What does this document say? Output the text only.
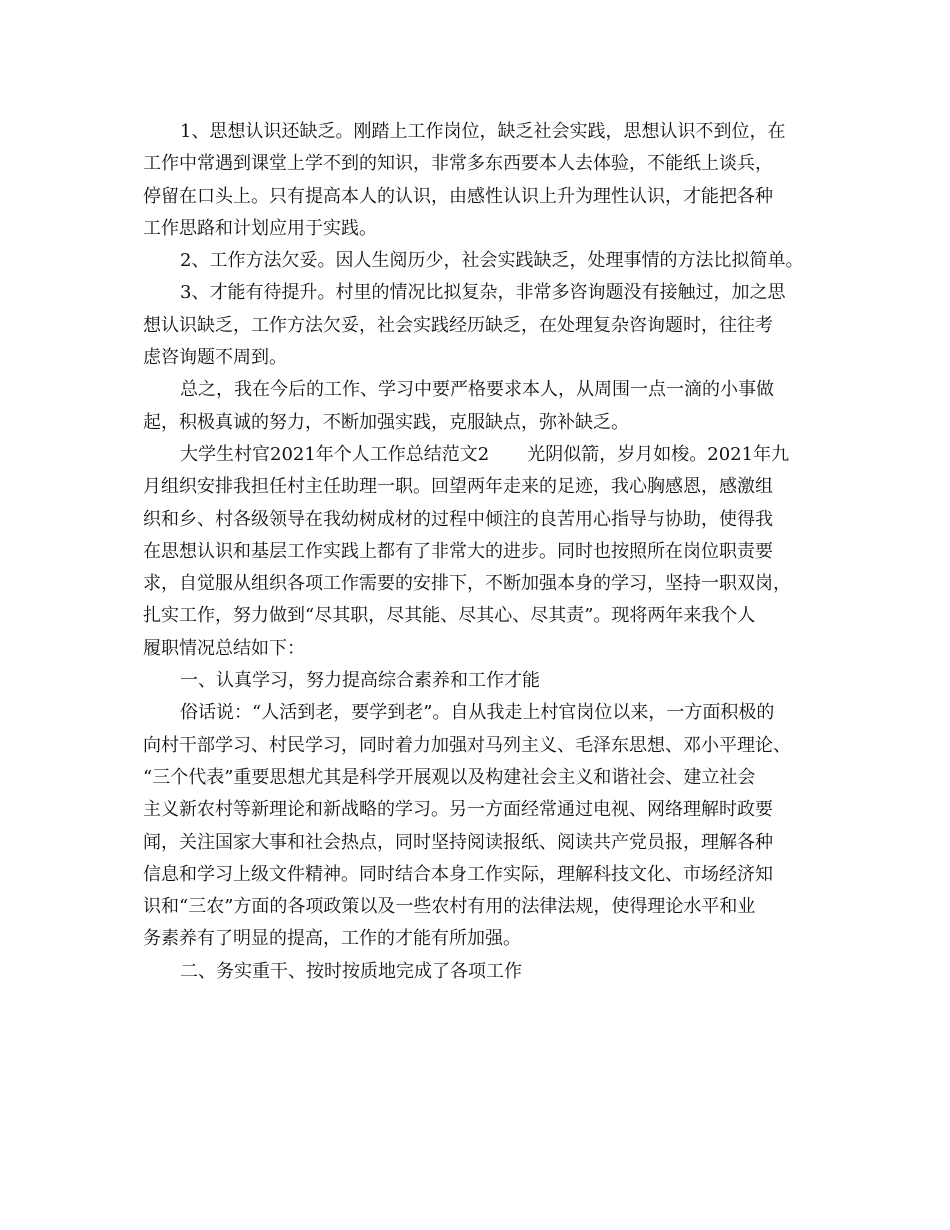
1、思想认识还缺乏。刚踏上工作岗位，缺乏社会实践，思想认识不到位，在
工作中常遇到课堂上学不到的知识，非常多东西要本人去体验，不能纸上谈兵，
停留在口头上。只有提高本人的认识，由感性认识上升为理性认识，才能把各种
工作思路和计划应用于实践。
2、工作方法欠妥。因人生阅历少，社会实践缺乏，处理事情的方法比拟简单。
3、才能有待提升。村里的情况比拟复杂，非常多咨询题没有接触过，加之思
想认识缺乏，工作方法欠妥，社会实践经历缺乏，在处理复杂咨询题时，往往考
虑咨询题不周到。
总之，我在今后的工作、学习中要严格要求本人，从周围一点一滴的小事做
起，积极真诚的努力，不断加强实践，克服缺点，弥补缺乏。
大学生村官2021年个人工作总结范文2 光阴似箭，岁月如梭。2021年九
月组织安排我担任村主任助理一职。回望两年走来的足迹，我心胸感恩，感激组
织和乡、村各级领导在我幼树成材的过程中倾注的良苦用心指导与协助，使得我
在思想认识和基层工作实践上都有了非常大的进步。同时也按照所在岗位职责要
求，自觉服从组织各项工作需要的安排下，不断加强本身的学习，坚持一职双岗，
扎实工作，努力做到“尽其职，尽其能、尽其心、尽其责”。现将两年来我个人
履职情况总结如下：
一、认真学习，努力提高综合素养和工作才能
俗话说：“人活到老，要学到老”。自从我走上村官岗位以来，一方面积极的
向村干部学习、村民学习，同时着力加强对马列主义、毛泽东思想、邓小平理论、
“三个代表”重要思想尤其是科学开展观以及构建社会主义和谐社会、建立社会
主义新农村等新理论和新战略的学习。另一方面经常通过电视、网络理解时政要
闻，关注国家大事和社会热点，同时坚持阅读报纸、阅读共产党员报，理解各种
信息和学习上级文件精神。同时结合本身工作实际，理解科技文化、市场经济知
识和“三农”方面的各项政策以及一些农村有用的法律法规，使得理论水平和业
务素养有了明显的提高，工作的才能有所加强。
二、务实重干、按时按质地完成了各项工作
